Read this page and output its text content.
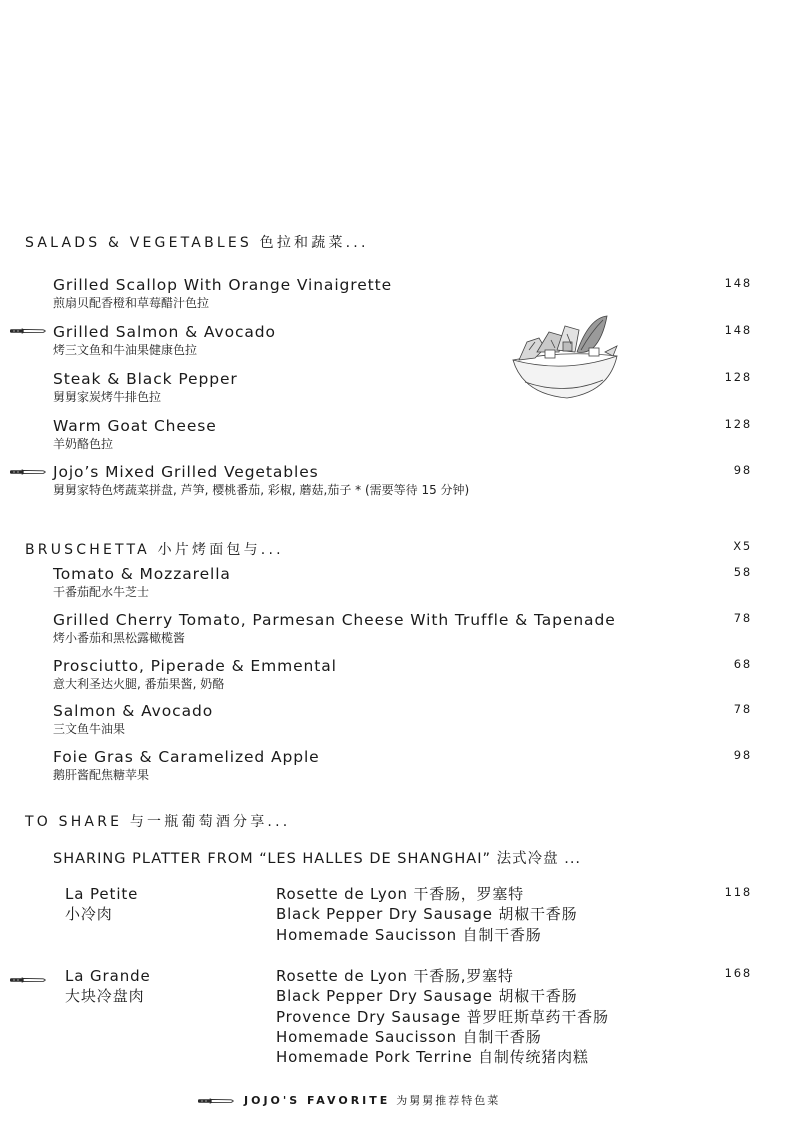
SALADS & VEGETABLES 色拉和蔬菜...
Grilled Scallop With Orange Vinaigrette
煎扇贝配香橙和草莓醋汁色拉
148
Grilled Salmon & Avocado
烤三文鱼和牛油果健康色拉
148
Steak & Black Pepper
舅舅家炭烤牛排色拉
128
Warm Goat Cheese
羊奶酪色拉
128
Jojo’s Mixed Grilled Vegetables
舅舅家特色烤蔬菜拼盘, 芦笋, 樱桃番茄, 彩椒, 蘑菇,茄子 * (需要等待 15 分钟)
98
BRUSCHETTA 小片烤面包与...	X5
Tomato & Mozzarella
干番茄配水牛芝士
58
Grilled Cherry Tomato, Parmesan Cheese With Truffle & Tapenade
烤小番茄和黑松露橄榄酱
78
Prosciutto, Piperade & Emmental
意大利圣达火腿, 番茄果酱, 奶酪
68
Salmon & Avocado
三文鱼牛油果
78
Foie Gras & Caramelized Apple
鹅肝酱配焦糖苹果
98
TO SHARE 与一瓶葡萄酒分享...
SHARING PLATTER FROM “LES HALLES DE SHANGHAI” 法式冷盘 ...
La Petite
小冷肉
Rosette de Lyon 干香肠，罗塞特
Black Pepper Dry Sausage 胡椒干香肠
Homemade Saucisson 自制干香肠
118
La Grande
大块冷盘肉
Rosette de Lyon 干香肠,罗塞特
Black Pepper Dry Sausage 胡椒干香肠
Provence Dry Sausage 普罗旺斯草药干香肠
Homemade Saucisson 自制干香肠
Homemade Pork Terrine 自制传统猪肉糕
168
JOJO'S FAVORITE 为舅舅推荐特色菜
